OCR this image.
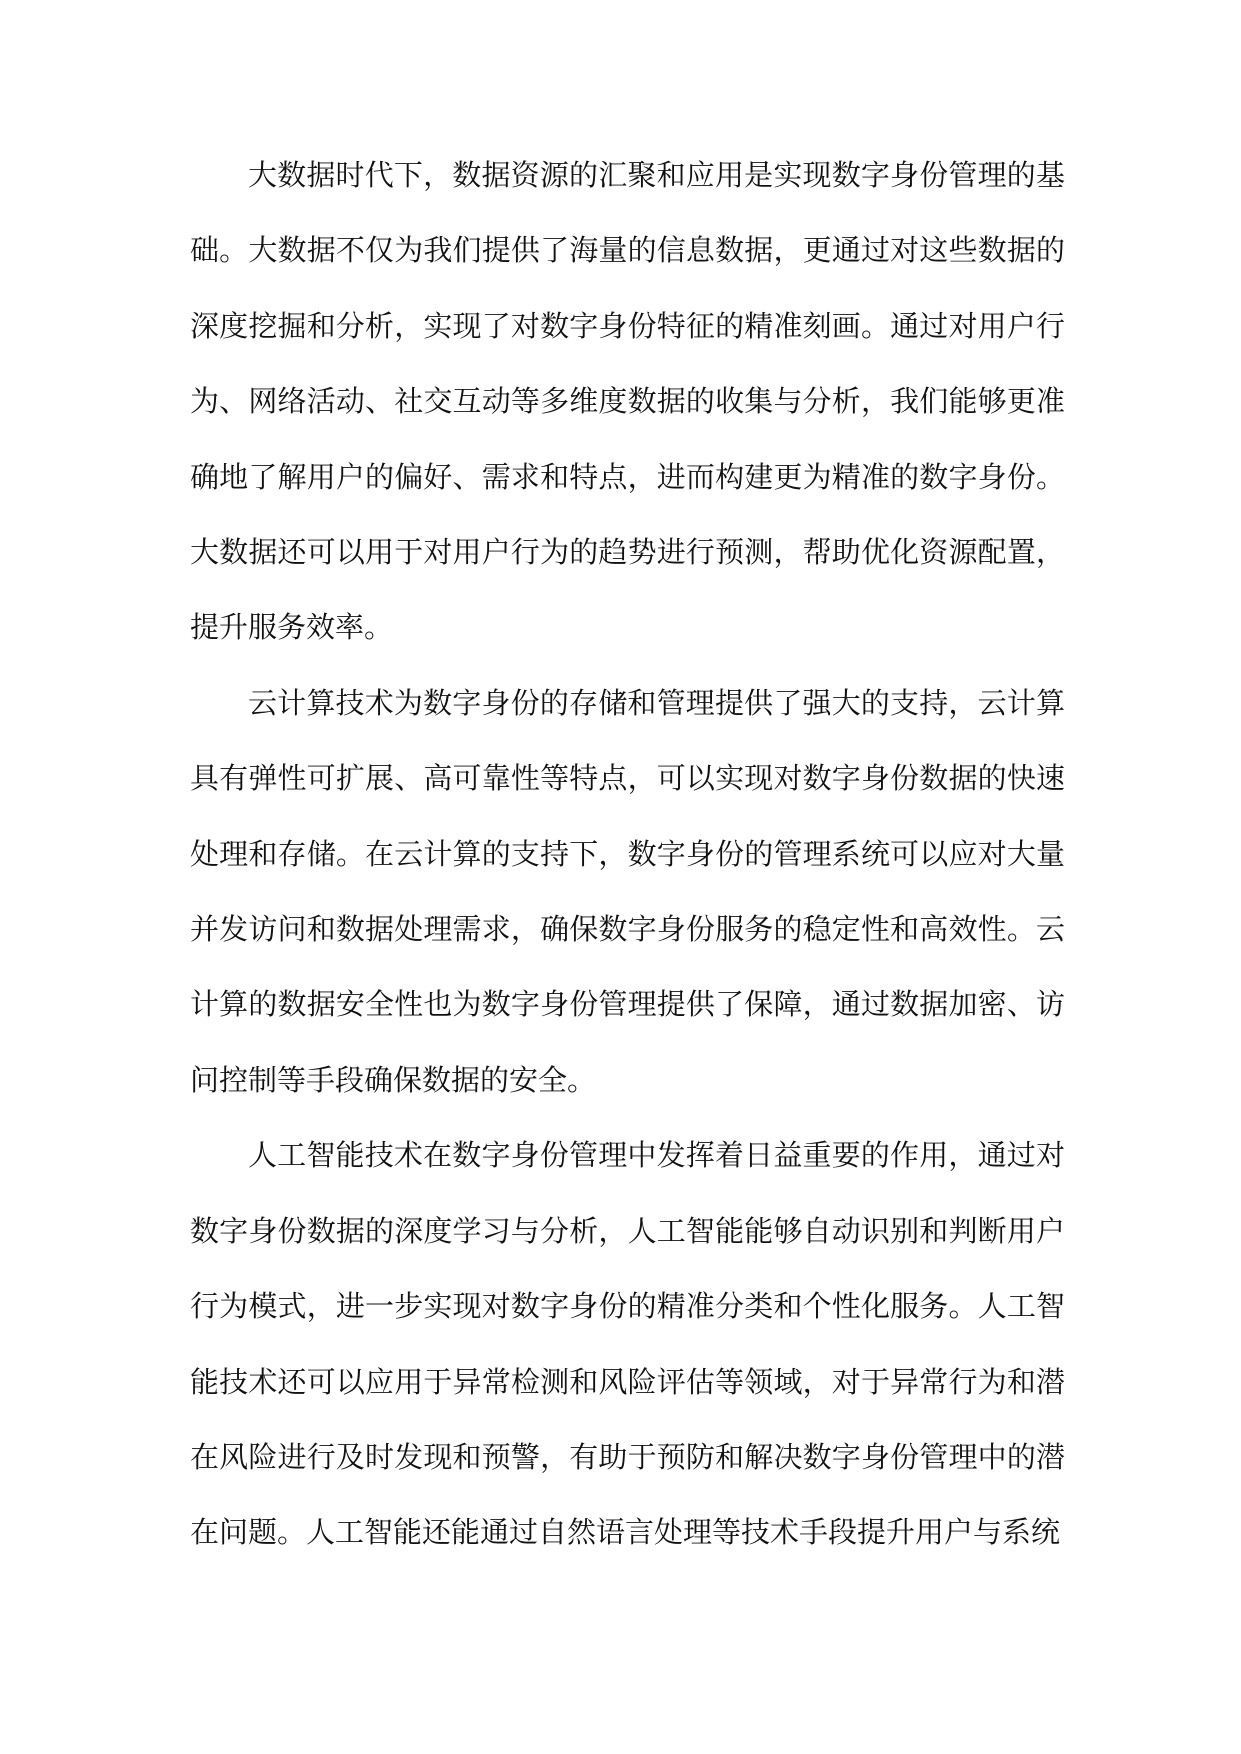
大数据时代下，数据资源的汇聚和应用是实现数字身份管理的基础。大数据不仅为我们提供了海量的信息数据，更通过对这些数据的深度挖掘和分析，实现了对数字身份特征的精准刻画。通过对用户行为、网络活动、社交互动等多维度数据的收集与分析，我们能够更准确地了解用户的偏好、需求和特点，进而构建更为精准的数字身份。大数据还可以用于对用户行为的趋势进行预测，帮助优化资源配置，提升服务效率。

云计算技术为数字身份的存储和管理提供了强大的支持，云计算具有弹性可扩展、高可靠性等特点，可以实现对数字身份数据的快速处理和存储。在云计算的支持下，数字身份的管理系统可以应对大量并发访问和数据处理需求，确保数字身份服务的稳定性和高效性。云计算的数据安全性也为数字身份管理提供了保障，通过数据加密、访问控制等手段确保数据的安全。

人工智能技术在数字身份管理中发挥着日益重要的作用，通过对数字身份数据的深度学习与分析，人工智能能够自动识别和判断用户行为模式，进一步实现对数字身份的精准分类和个性化服务。人工智能技术还可以应用于异常检测和风险评估等领域，对于异常行为和潜在风险进行及时发现和预警，有助于预防和解决数字身份管理中的潜在问题。人工智能还能通过自然语言处理等技术手段提升用户与系统
